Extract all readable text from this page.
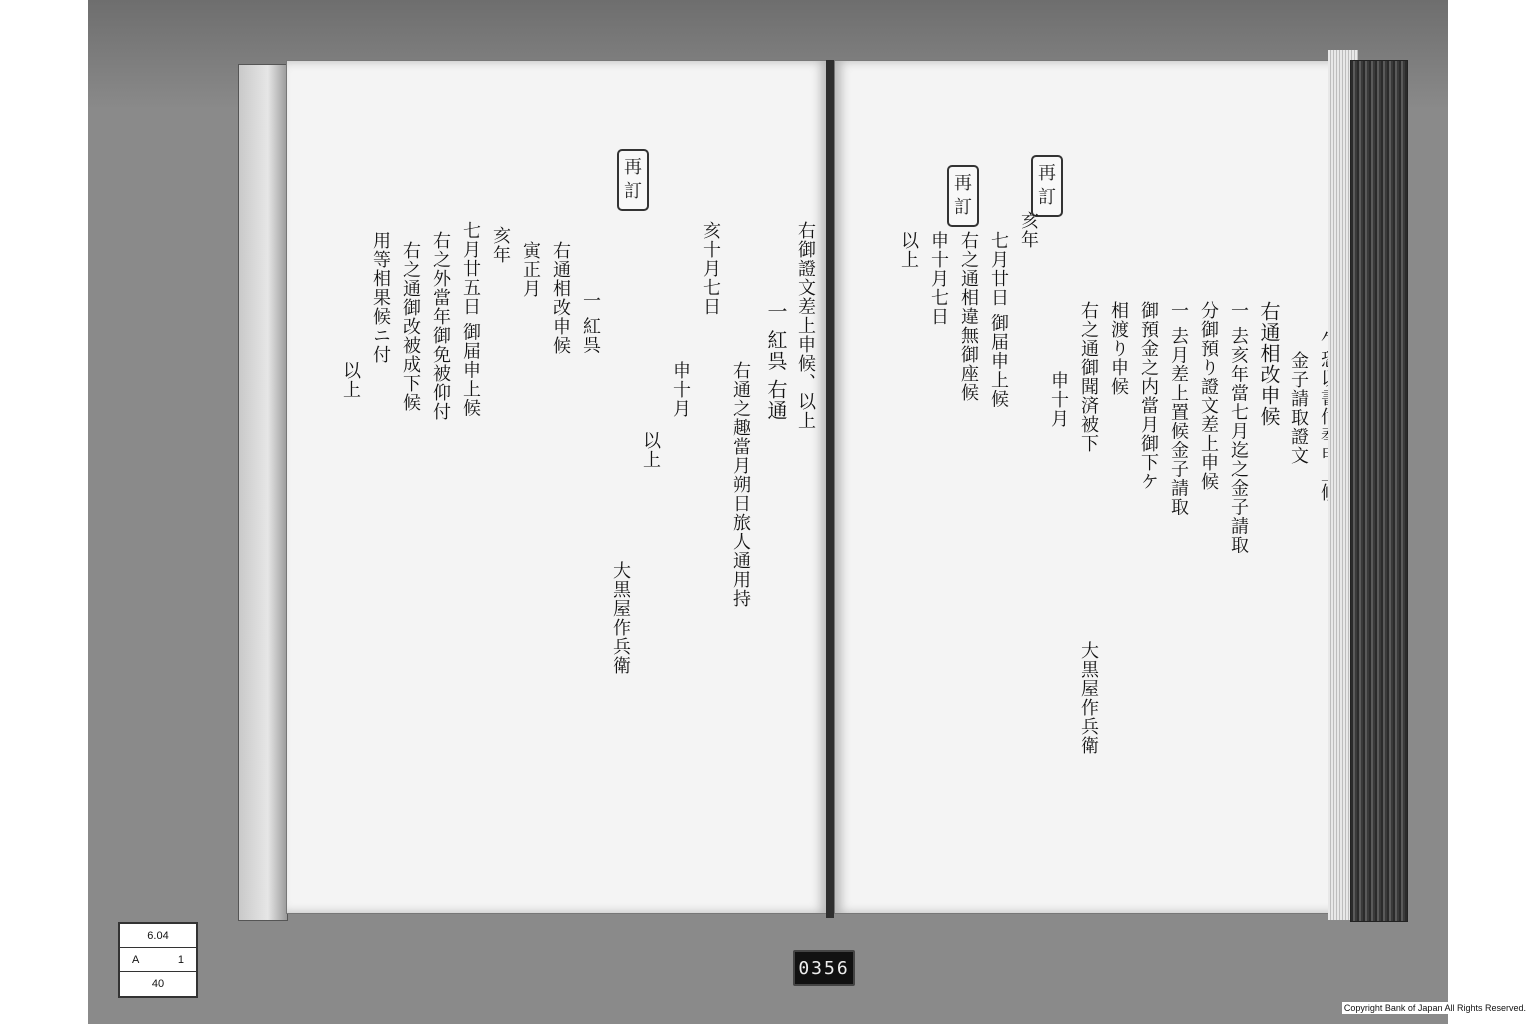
再
訂
右御證文差上申候、以上
一 紅呉 右通
右通之趣當月朔日旅人通用持
亥十月七日
申十月
以上
大黒屋作兵衛
一 紅呉
右通相改申候
寅正月
亥年
七月廿五日 御届申上候
右之外當年御免被仰付
右之通御改被成下候
用等相果候ニ付
以上
再
訂
再
訂
金子請取證文
右通相改申候
一 去亥年當七月迄之金子請取
分御預り證文差上申候
一 去月差上置候金子請取
御預金之内當月御下ケ
相渡り申候
右之通御聞済被下
申十月
大黒屋作兵衛
亥年
七月廿日 御届申上候
右之通相違無御座候
申十月七日
以上
6.04
A	1
40
0356
Copyright Bank of Japan All Rights Reserved.
